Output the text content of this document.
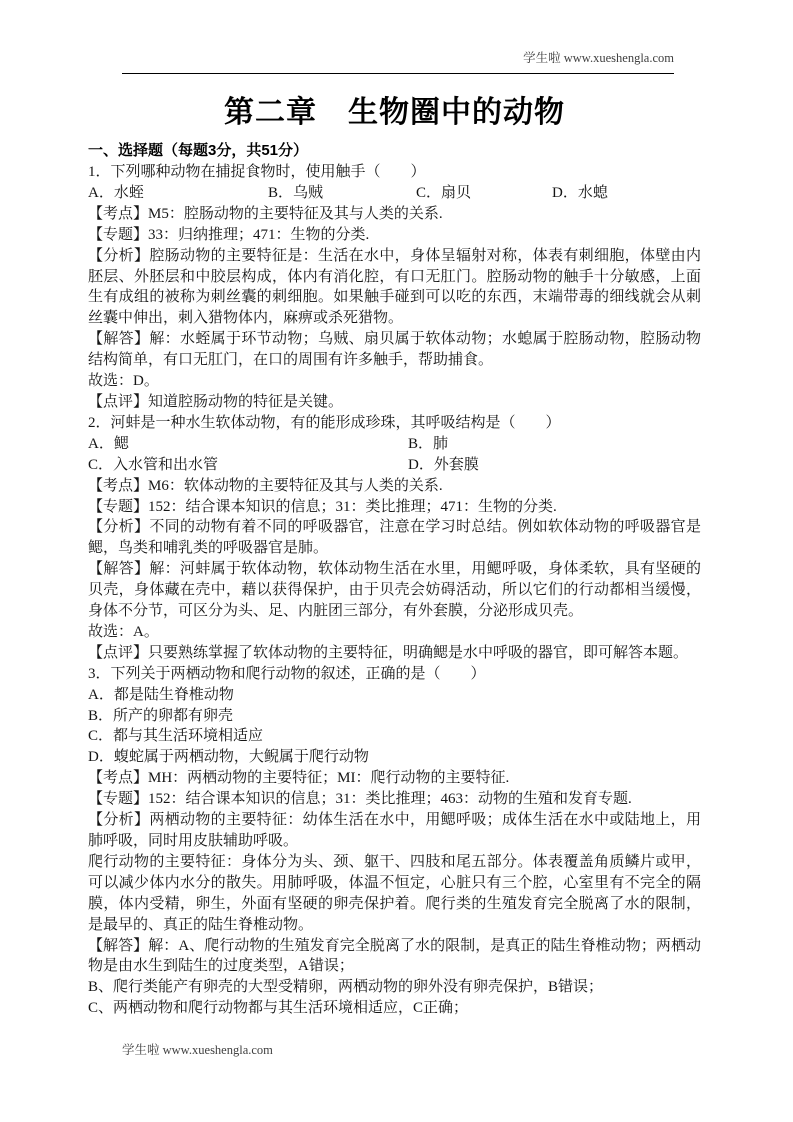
学生啦 www.xueshengla.com
第二章　生物圈中的动物
一、选择题（每题3分，共51分）

1．下列哪种动物在捕捉食物时，使用触手（　　）

A．水蛭	B．乌贼	C．扇贝	D．水螅

【考点】M5：腔肠动物的主要特征及其与人类的关系.

【专题】33：归纳推理；471：生物的分类.

【分析】腔肠动物的主要特征是：生活在水中，身体呈辐射对称，体表有刺细胞，体壁由内胚层、外胚层和中胶层构成，体内有消化腔，有口无肛门。腔肠动物的触手十分敏感，上面生有成组的被称为刺丝囊的刺细胞。如果触手碰到可以吃的东西，末端带毒的细线就会从刺丝囊中伸出，刺入猎物体内，麻痹或杀死猎物。

【解答】解：水蛭属于环节动物；乌贼、扇贝属于软体动物；水螅属于腔肠动物，腔肠动物结构简单，有口无肛门，在口的周围有许多触手，帮助捕食。

故选：D。

【点评】知道腔肠动物的特征是关键。

2．河蚌是一种水生软体动物，有的能形成珍珠，其呼吸结构是（　　）

A．鳃	B．肺
C．入水管和出水管	D．外套膜

【考点】M6：软体动物的主要特征及其与人类的关系.

【专题】152：结合课本知识的信息；31：类比推理；471：生物的分类.

【分析】不同的动物有着不同的呼吸器官，注意在学习时总结。例如软体动物的呼吸器官是鳃，鸟类和哺乳类的呼吸器官是肺。

【解答】解：河蚌属于软体动物，软体动物生活在水里，用鳃呼吸，身体柔软，具有坚硬的贝壳，身体藏在壳中，藉以获得保护，由于贝壳会妨碍活动，所以它们的行动都相当缓慢，身体不分节，可区分为头、足、内脏团三部分，有外套膜，分泌形成贝壳。

故选：A。

【点评】只要熟练掌握了软体动物的主要特征，明确鳃是水中呼吸的器官，即可解答本题。

3．下列关于两栖动物和爬行动物的叙述，正确的是（　　）

A．都是陆生脊椎动物

B．所产的卵都有卵壳

C．都与其生活环境相适应

D．蝮蛇属于两栖动物，大鲵属于爬行动物

【考点】MH：两栖动物的主要特征；MI：爬行动物的主要特征.

【专题】152：结合课本知识的信息；31：类比推理；463：动物的生殖和发育专题.

【分析】两栖动物的主要特征：幼体生活在水中，用鳃呼吸；成体生活在水中或陆地上，用肺呼吸，同时用皮肤辅助呼吸。

爬行动物的主要特征：身体分为头、颈、躯干、四肢和尾五部分。体表覆盖角质鳞片或甲，可以减少体内水分的散失。用肺呼吸，体温不恒定，心脏只有三个腔，心室里有不完全的隔膜，体内受精，卵生，外面有坚硬的卵壳保护着。爬行类的生殖发育完全脱离了水的限制，是最早的、真正的陆生脊椎动物。

【解答】解：A、爬行动物的生殖发育完全脱离了水的限制，是真正的陆生脊椎动物；两栖动物是由水生到陆生的过度类型，A错误；

B、爬行类能产有卵壳的大型受精卵，两栖动物的卵外没有卵壳保护，B错误；

C、两栖动物和爬行动物都与其生活环境相适应，C正确；

学生啦 www.xueshengla.com
